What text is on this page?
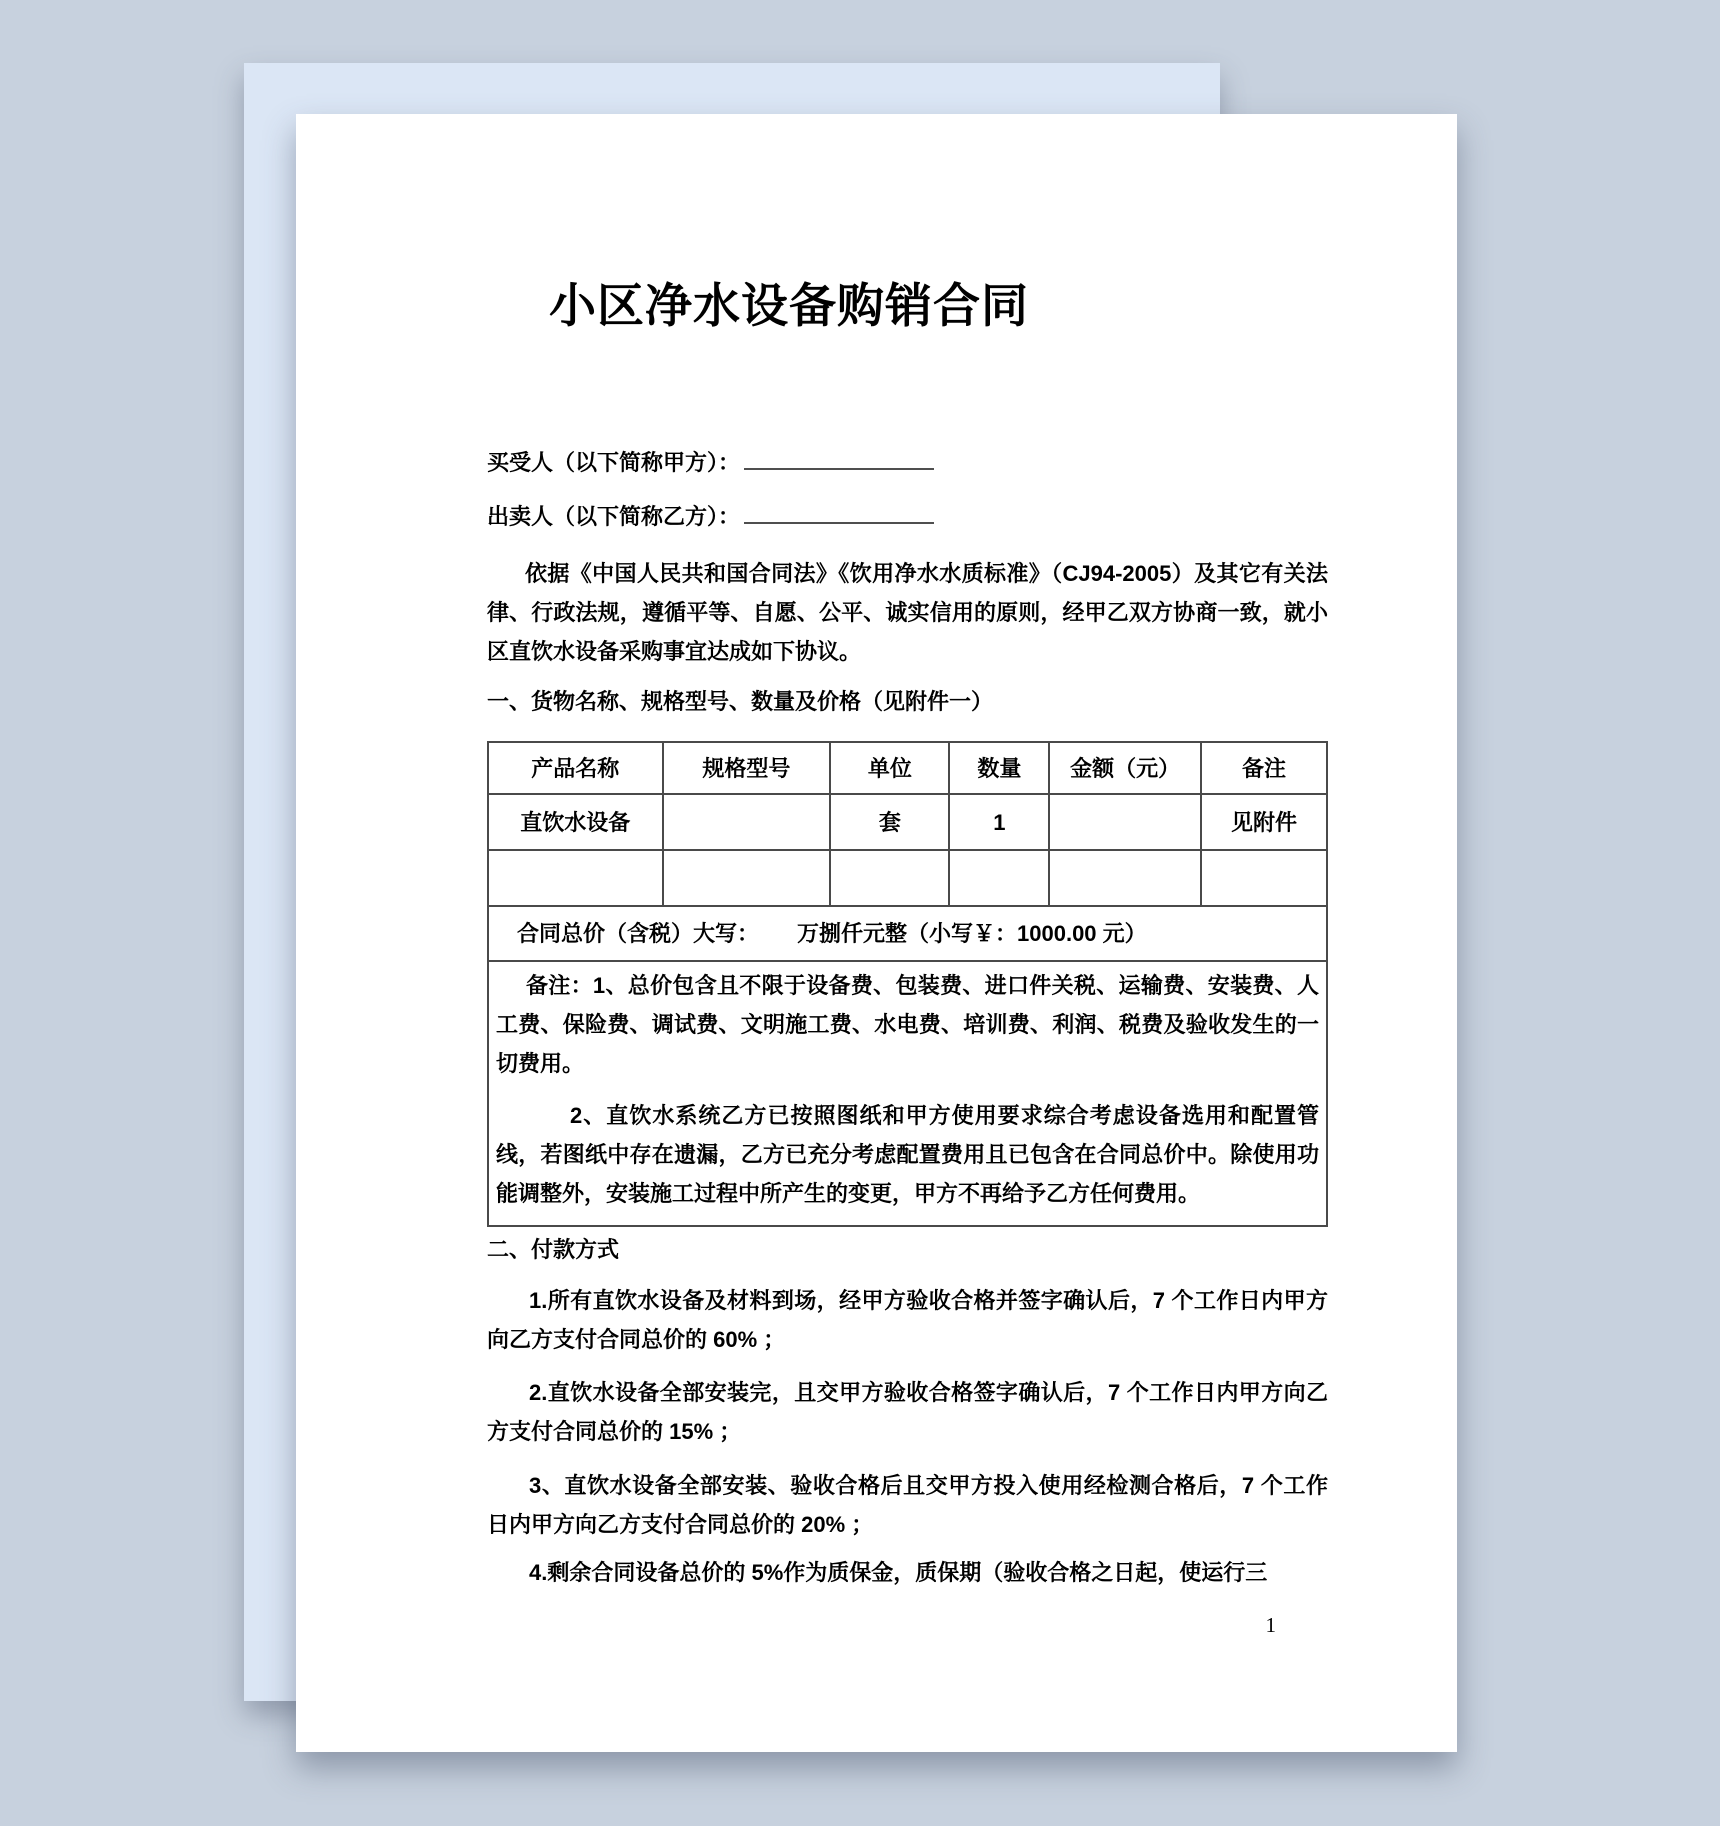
小区净水设备购销合同
买受人（以下简称甲方）：
出卖人（以下简称乙方）：

依据《中国人民共和国合同法》《饮用净水水质标准》（CJ94-2005）及其它有关法律、行政法规，遵循平等、自愿、公平、诚实信用的原则，经甲乙双方协商一致，就小区直饮水设备采购事宜达成如下协议。

一、货物名称、规格型号、数量及价格（见附件一）
产品名称	规格型号	单位	数量	金额（元）	备注
直饮水设备		套	1		见附件

合同总价（含税）大写： 万捌仟元整（小写￥：1000.00 元）					

备注：1、总价包含且不限于设备费、包装费、进口件关税、运输费、安装费、人工费、保险费、调试费、文明施工费、水电费、培训费、利润、税费及验收发生的一切费用。

2、直饮水系统乙方已按照图纸和甲方使用要求综合考虑设备选用和配置管线，若图纸中存在遗漏，乙方已充分考虑配置费用且已包含在合同总价中。除使用功能调整外，安装施工过程中所产生的变更，甲方不再给予乙方任何费用。					

二、付款方式

1.所有直饮水设备及材料到场，经甲方验收合格并签字确认后，7 个工作日内甲方向乙方支付合同总价的 60% ；

2.直饮水设备全部安装完，且交甲方验收合格签字确认后，7 个工作日内甲方向乙方支付合同总价的 15% ；

3、直饮水设备全部安装、验收合格后且交甲方投入使用经检测合格后，7 个工作日内甲方向乙方支付合同总价的 20% ；

4.剩余合同设备总价的 5%作为质保金，质保期（验收合格之日起，使运行三

1
